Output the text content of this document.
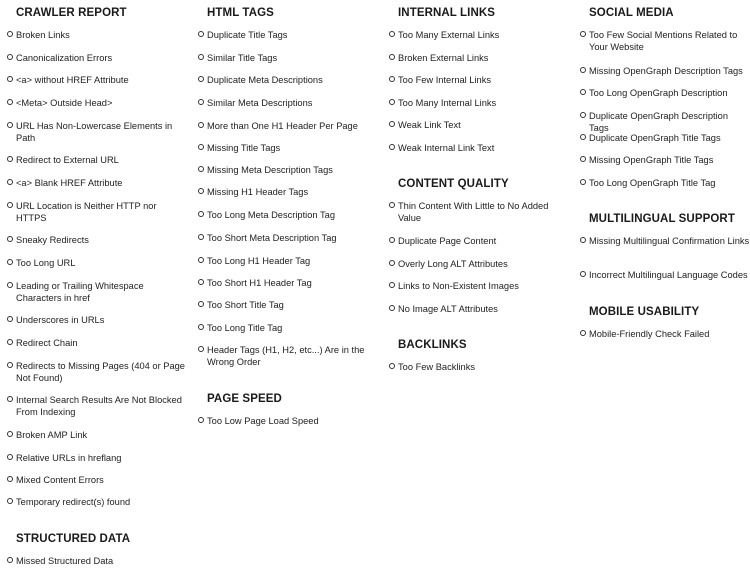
CRAWLER REPORT
Broken Links
Canonicalization Errors
<a> without HREF Attribute
<Meta> Outside Head>
URL Has Non-Lowercase Elements in Path
Redirect to External URL
<a> Blank HREF Attribute
URL Location is Neither HTTP nor HTTPS
Sneaky Redirects
Too Long URL
Leading or Trailing Whitespace Characters in href
Underscores in URLs
Redirect Chain
Redirects to Missing Pages (404 or Page Not Found)
Internal Search Results Are Not Blocked From Indexing
Broken AMP Link
Relative URLs in hreflang
Mixed Content Errors
Temporary redirect(s) found
STRUCTURED DATA
Missed Structured Data
HTML TAGS
Duplicate Title Tags
Similar Title Tags
Duplicate Meta Descriptions
Similar Meta Descriptions
More than One H1 Header Per Page
Missing Title Tags
Missing Meta Description Tags
Missing H1 Header Tags
Too Long Meta Description Tag
Too Short Meta Description Tag
Too Long H1 Header Tag
Too Short H1 Header Tag
Too Short Title Tag
Too Long Title Tag
Header Tags (H1, H2, etc...) Are in the Wrong Order
PAGE SPEED
Too Low Page Load Speed
INTERNAL LINKS
Too Many External Links
Broken External Links
Too Few Internal Links
Too Many Internal Links
Weak Link Text
Weak Internal Link Text
CONTENT QUALITY
Thin Content With Little to No Added Value
Duplicate Page Content
Overly Long ALT Attributes
Links to Non-Existent Images
No Image ALT Attributes
BACKLINKS
Too Few Backlinks
SOCIAL MEDIA
Too Few Social Mentions Related to Your Website
Missing OpenGraph Description Tags
Too Long OpenGraph Description
Duplicate OpenGraph Description Tags
Duplicate OpenGraph Title Tags
Missing OpenGraph Title Tags
Too Long OpenGraph Title Tag
MULTILINGUAL SUPPORT
Missing Multilingual Confirmation Links
Incorrect Multilingual Language Codes
MOBILE USABILITY
Mobile-Friendly Check Failed
